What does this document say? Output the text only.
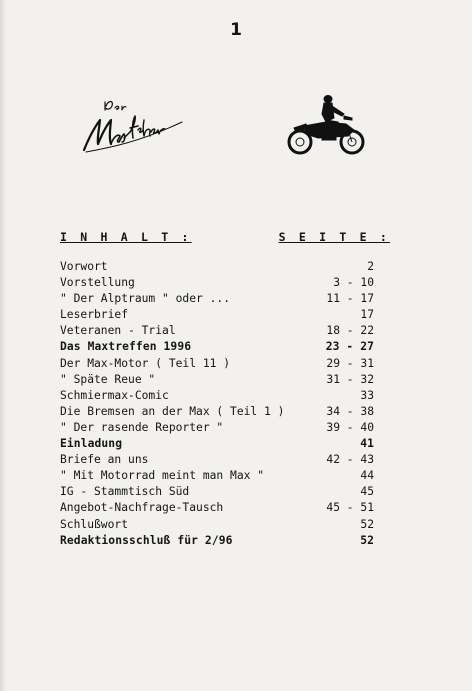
1
I N H A L T :	S E I T E :
Vorwort	2
Vorstellung	3 - 10
" Der Alptraum " oder ...	11 - 17
Leserbrief	17
Veteranen - Trial	18 - 22
Das Maxtreffen 1996	23 - 27
Der Max-Motor ( Teil 11 )	29 - 31
" Späte Reue "	31 - 32
Schmiermax-Comic	33
Die Bremsen an der Max ( Teil 1 )	34 - 38
" Der rasende Reporter "	39 - 40
Einladung	41
Briefe an uns	42 - 43
" Mit Motorrad meint man Max "	44
IG - Stammtisch Süd	45
Angebot-Nachfrage-Tausch	45 - 51
Schlußwort	52
Redaktionsschluß für 2/96	52
